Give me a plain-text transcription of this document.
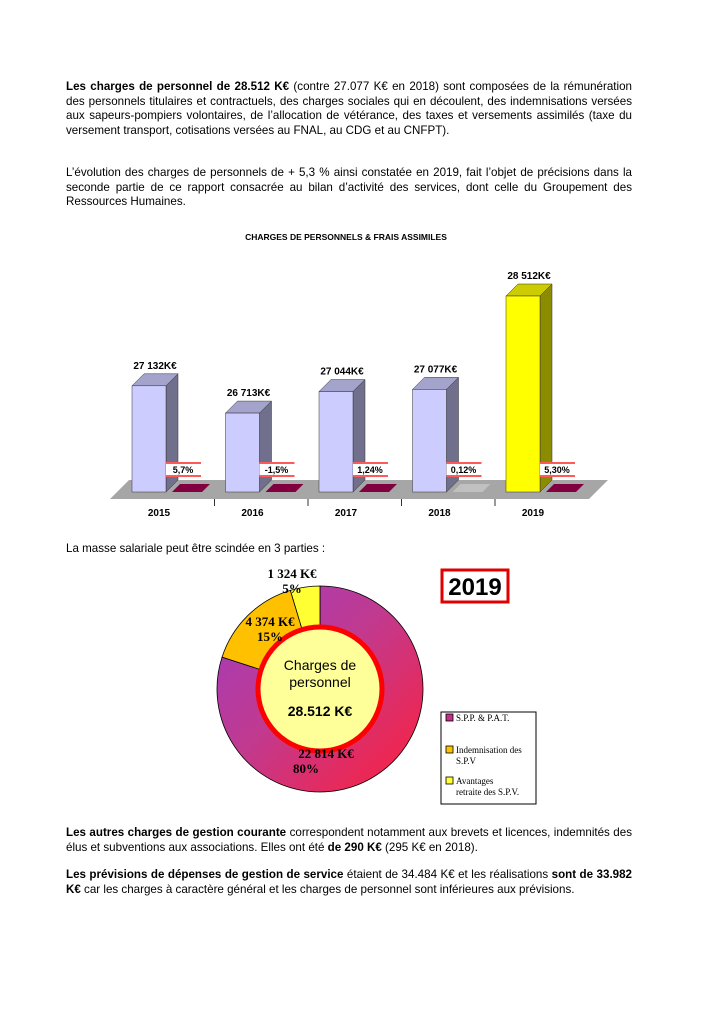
Les charges de personnel de 28.512 K€ (contre 27.077 K€ en 2018) sont composées de la rémunération des personnels titulaires et contractuels, des charges sociales qui en découlent, des indemnisations versées aux sapeurs-pompiers volontaires, de l’allocation de vétérance, des taxes et versements assimilés (taxe du versement transport, cotisations versées au FNAL, au CDG et au CNFPT).
L’évolution des charges de personnels de + 5,3 % ainsi constatée en 2019, fait l’objet de précisions dans la seconde partie de ce rapport consacrée au bilan d’activité des services, dont celle du Groupement des Ressources Humaines.
CHARGES DE PERSONNELS & FRAIS ASSIMILES
27 132K€
5,7%
26 713K€
-1,5%
27 044K€
1,24%
27 077K€
0,12%
28 512K€
5,30%
2015	2016	2017	2018	2019
La masse salariale peut être scindée en 3 parties :
Charges de
personnel
28.512 K€
22 814 K€
80%
4 374 K€
15%
1 324 K€
5%	2019
S.P.P. & P.A.T.
Indemnisation des
S.P.V
Avantages
retraite des S.P.V.
Les autres charges de gestion courante correspondent notamment aux brevets et licences, indemnités des élus et subventions aux associations. Elles ont été de 290 K€ (295 K€ en 2018).
Les prévisions de dépenses de gestion de service étaient de 34.484 K€ et les réalisations sont de 33.982 K€ car les charges à caractère général et les charges de personnel sont inférieures aux prévisions.
